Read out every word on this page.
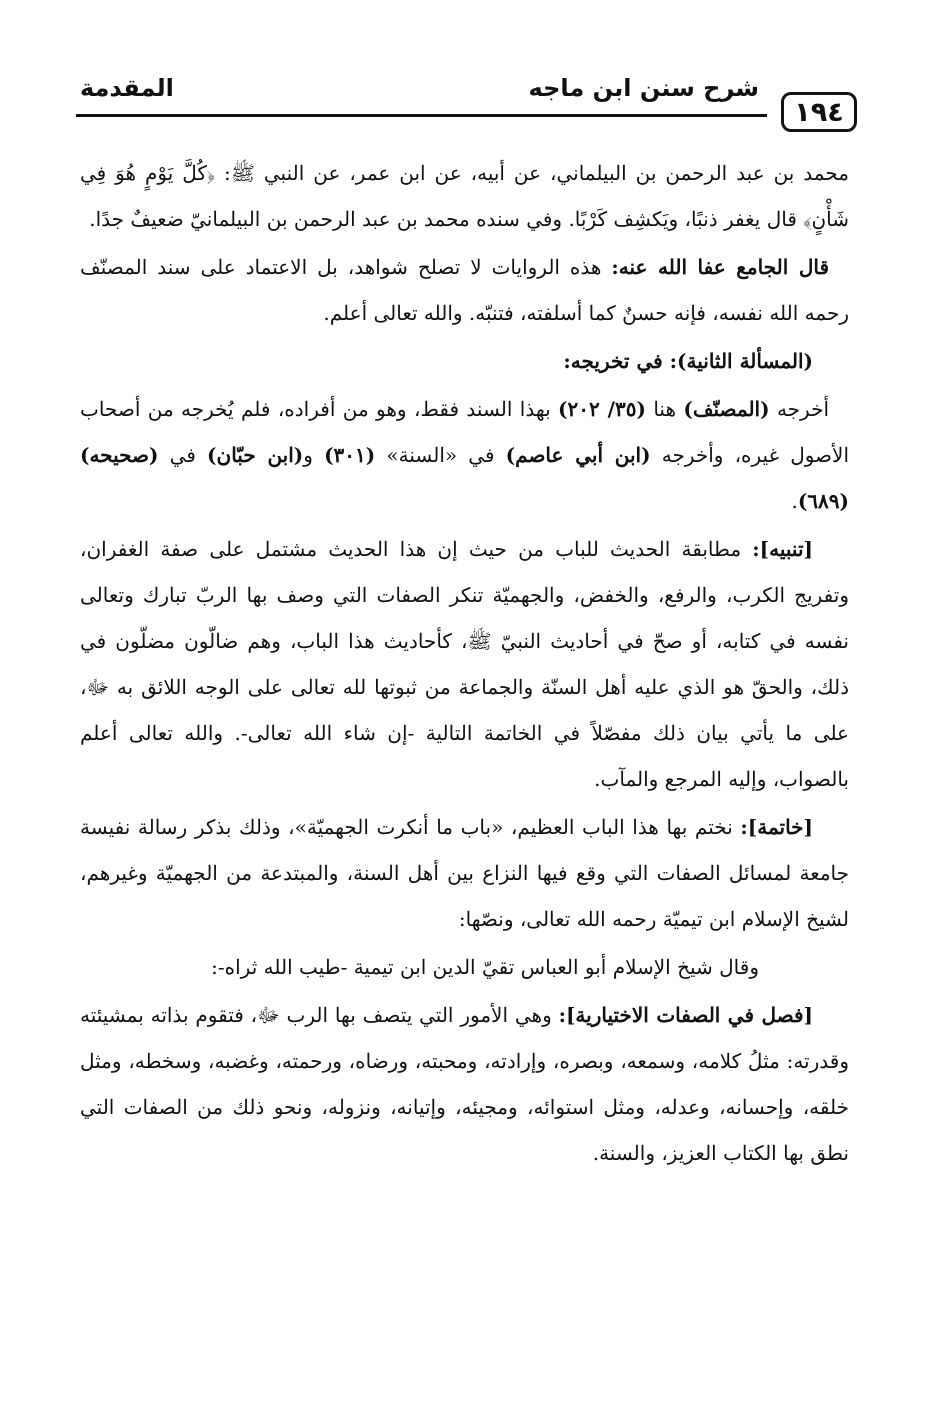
١٩٤
شرح سنن ابن ماجه
المقدمة

محمد بن عبد الرحمن بن البيلماني، عن أبيه، عن ابن عمر، عن النبي ﷺ: ﴿كُلَّ يَوْمٍ هُوَ فِي شَأْنٍ﴾ قال يغفر ذنبًا، ويَكشِف كَرْبًا. وفي سنده محمد بن عبد الرحمن بن البيلمانيّ ضعيفٌ جدًا.

قال الجامع عفا الله عنه: هذه الروايات لا تصلح شواهد، بل الاعتماد على سند المصنّف رحمه الله نفسه، فإنه حسنٌ كما أسلفته، فتنبّه. والله تعالى أعلم.

(المسألة الثانية): في تخريجه:

أخرجه (المصنّف) هنا (٣٥/ ٢٠٢) بهذا السند فقط، وهو من أفراده، فلم يُخرجه من أصحاب الأصول غيره، وأخرجه (ابن أبي عاصم) في «السنة» (٣٠١) و(ابن حبّان) في (صحيحه) (٦٨٩).

[تنبيه]: مطابقة الحديث للباب من حيث إن هذا الحديث مشتمل على صفة الغفران، وتفريج الكرب، والرفع، والخفض، والجهميّة تنكر الصفات التي وصف بها الربّ تبارك وتعالى نفسه في كتابه، أو صحّ في أحاديث النبيّ ﷺ، كأحاديث هذا الباب، وهم ضالّون مضلّون في ذلك، والحقّ هو الذي عليه أهل السنّة والجماعة من ثبوتها لله تعالى على الوجه اللائق به ﷻ، على ما يأتي بيان ذلك مفصّلاً في الخاتمة التالية -إن شاء الله تعالى-. والله تعالى أعلم بالصواب، وإليه المرجع والمآب.

[خاتمة]: نختم بها هذا الباب العظيم، «باب ما أنكرت الجهميّة»، وذلك بذكر رسالة نفيسة جامعة لمسائل الصفات التي وقع فيها النزاع بين أهل السنة، والمبتدعة من الجهميّة وغيرهم، لشيخ الإسلام ابن تيميّة رحمه الله تعالى، ونصّها:

وقال شيخ الإسلام أبو العباس تقيّ الدين ابن تيمية -طيب الله ثراه-:

[فصل في الصفات الاختيارية]: وهي الأمور التي يتصف بها الرب ﷻ، فتقوم بذاته بمشيئته وقدرته: مثلُ كلامه، وسمعه، وبصره، وإرادته، ومحبته، ورضاه، ورحمته، وغضبه، وسخطه، ومثل خلقه، وإحسانه، وعدله، ومثل استوائه، ومجيئه، وإتيانه، ونزوله، ونحو ذلك من الصفات التي نطق بها الكتاب العزيز، والسنة.
